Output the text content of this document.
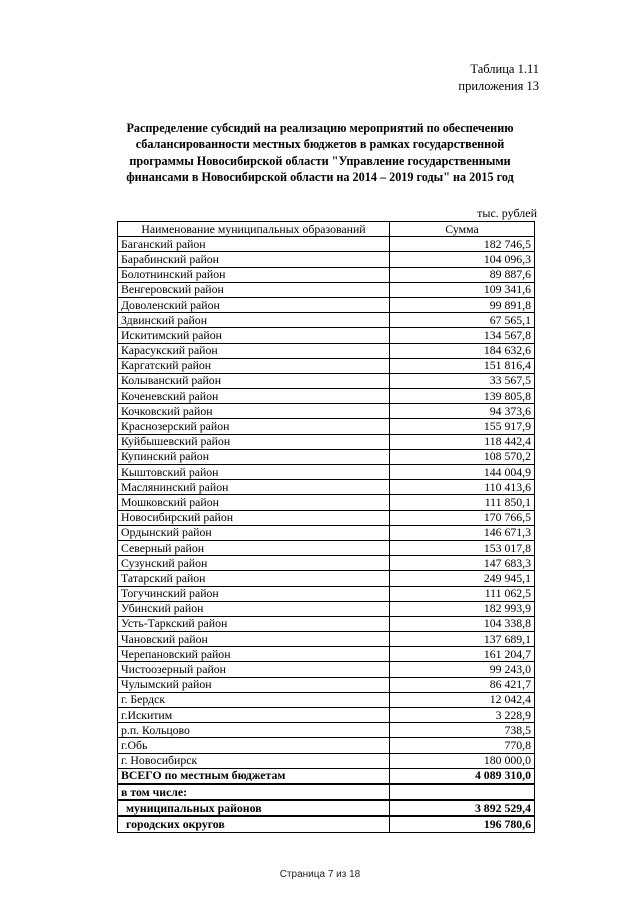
Таблица 1.11
приложения 13
Распределение субсидий на реализацию мероприятий по обеспечению сбалансированности местных бюджетов в рамках государственной программы Новосибирской области "Управление государственными финансами в Новосибирской области на 2014 – 2019 годы" на 2015 год
тыс. рублей
Наименование муниципальных образований	Сумма
Баганский район	182 746,5
Барабинский район	104 096,3
Болотнинский район	89 887,6
Венгеровский район	109 341,6
Доволенский район	99 891,8
Здвинский район	67 565,1
Искитимский район	134 567,8
Карасукский район	184 632,6
Каргатский район	151 816,4
Колыванский район	33 567,5
Коченевский район	139 805,8
Кочковский район	94 373,6
Краснозерский район	155 917,9
Куйбышевский район	118 442,4
Купинский район	108 570,2
Кыштовский район	144 004,9
Маслянинский район	110 413,6
Мошковский район	111 850,1
Новосибирский район	170 766,5
Ордынский район	146 671,3
Северный район	153 017,8
Сузунский район	147 683,3
Татарский район	249 945,1
Тогучинский район	111 062,5
Убинский район	182 993,9
Усть-Таркский район	104 338,8
Чановский район	137 689,1
Черепановский район	161 204,7
Чистоозерный район	99 243,0
Чулымский район	86 421,7
г. Бердск	12 042,4
г.Искитим	3 228,9
р.п. Кольцово	738,5
г.Обь	770,8
г. Новосибирск	180 000,0
ВСЕГО по местным бюджетам	4 089 310,0
в том числе:	
муниципальных районов	3 892 529,4
городских округов	196 780,6
Страница 7 из 18
